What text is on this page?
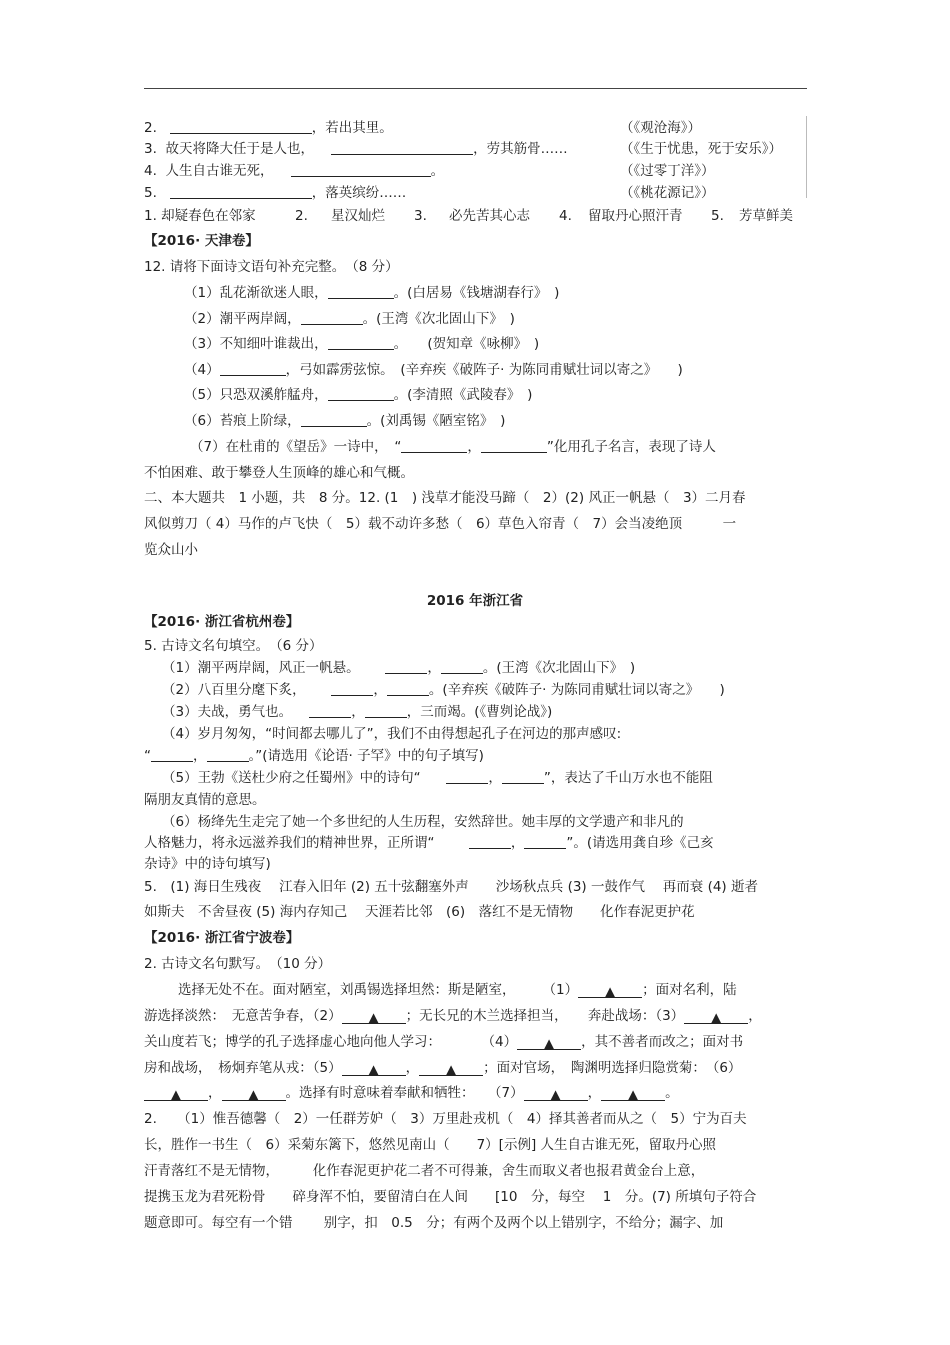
2.	，若出其里。	（《观沧海》）
3. 故天将降大任于是人也，	，劳其筋骨……	（《生于忧患，死于安乐》）
4. 人生自古谁无死，	。	（《过零丁洋》）
5.	，落英缤纷……	（《桃花源记》）
1. 却疑春色在邻家	2. 星汉灿烂 3. 必先苦其心志 4. 留取丹心照汗青 5. 芳草鲜美
【2016· 天津卷】
12. 请将下面诗文语句补充完整。　（8 分）
（1）乱花渐欲迷人眼，	。(白居易《钱塘湖春行》　)
（2）潮平两岸阔，	。(王湾《次北固山下》　)
（3）不知细叶谁裁出，	。　　(贺知章《咏柳》　)
（4）	，弓如霹雳弦惊。　(辛弃疾《破阵子· 为陈同甫赋壮词以寄之》　　)
（5）只恐双溪舴艋舟，	。(李清照《武陵春》　)
（6）苔痕上阶绿，	。(刘禹锡《陋室铭》　)
（7）在杜甫的《望岳》一诗中，　“	，	”化用孔子名言，表现了诗人
不怕困难、敢于攀登人生顶峰的雄心和气概。
二、本大题共　1 小题，共　8 分。12. (1　) 浅草才能没马蹄（　2）(2) 风正一帆悬（　3）二月春
风似剪刀（ 4）马作的卢飞快（　5）载不动许多愁（　6）草色入帘青（　7）会当凌绝顶　　　一
览众山小
2016 年浙江省
【2016· 浙江省杭州卷】
5. 古诗文名句填空。　（6 分）
（1）潮平两岸阔，风正一帆悬。	，	。(王湾《次北固山下》　)
（2）八百里分麾下炙，	，	。(辛弃疾《破阵子· 为陈同甫赋壮词以寄之》　　)
（3）夫战，勇气也。	，	，三而竭。(《曹刿论战》)
（4）岁月匆匆，“时间都去哪儿了”，我们不由得想起孔子在河边的那声感叹:
“	，	。”(请选用《论语· 子罕》中的句子填写)
（5）王勃《送杜少府之任蜀州》中的诗句“	，	”，表达了千山万水也不能阻
隔朋友真情的意思。
（6）杨绛先生走完了她一个多世纪的人生历程，安然辞世。她丰厚的文学遗产和非凡的
人格魅力，将永远滋养我们的精神世界，正所谓“	，	”。(请选用龚自珍《己亥
杂诗》中的诗句填写)
5.　(1) 海日生残夜　 江春入旧年 (2) 五十弦翻塞外声　　沙场秋点兵 (3) 一鼓作气　 再而衰 (4) 逝者
如斯夫　不舍昼夜 (5) 海内存知己　 天涯若比邻　(6)　落红不是无情物　　化作春泥更护花
【2016· 浙江省宁波卷】
2. 古诗文名句默写。　（10 分）
选择无处不在。面对陋室，刘禹锡选择坦然：斯是陋室，　　　（1） ▲ ；面对名利，陆
游选择淡然：　无意苦争春，（2） ▲ ；无长兄的木兰选择担当，　　奔赴战场：（3） ▲ ，
关山度若飞；博学的孔子选择虚心地向他人学习：　　　　（4） ▲ ，其不善者而改之；面对书
房和战场，　杨炯弃笔从戎：（5） ▲ ， ▲ ；面对官场，　陶渊明选择归隐赏菊：　（6）
▲ ， ▲ 。选择有时意味着奉献和牺牲：　　（7） ▲ ， ▲ 。
2.　　（1）惟吾德馨（　2）一任群芳妒（　3）万里赴戎机（　4）择其善者而从之（　5）宁为百夫
长，胜作一书生（　6）采菊东篱下，悠然见南山（　　7）[示例] 人生自古谁无死，留取丹心照
汗青落红不是无情物，　　　化作春泥更护花二者不可得兼，舍生而取义者也报君黄金台上意，
提携玉龙为君死粉骨　　碎身浑不怕，要留清白在人间　　[10　分，每空　 1　分。(7) 所填句子符合
题意即可。每空有一个错　　 别字，扣　0.5　分；有两个及两个以上错别字，不给分；漏字、加
